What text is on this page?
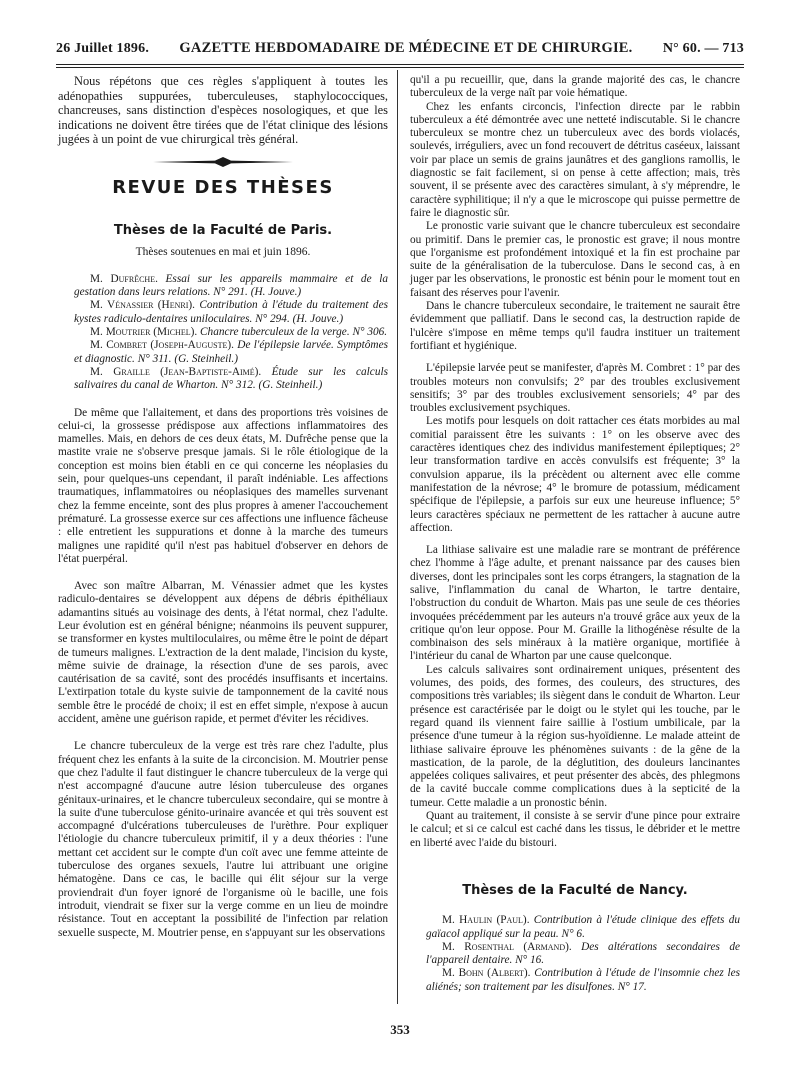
26 Juillet 1896. GAZETTE HEBDOMADAIRE DE MÉDECINE ET DE CHIRURGIE. N° 60. — 713

Nous répétons que ces règles s'appliquent à toutes les adénopathies suppurées, tuberculeuses, staphylococciques, chancreuses, sans distinction d'espèces nosologiques, et que les indications ne doivent être tirées que de l'état clinique des lésions jugées à un point de vue chirurgical très général.

REVUE DES THÈSES
Thèses de la Faculté de Paris.
Thèses soutenues en mai et juin 1896.

M. Dufrêche. Essai sur les appareils mammaire et de la gestation dans leurs relations. N° 291. (H. Jouve.)

M. Vénassier (Henri). Contribution à l'étude du traitement des kystes radiculo-dentaires uniloculaires. N° 294. (H. Jouve.)

M. Moutrier (Michel). Chancre tuberculeux de la verge. N° 306.

M. Combret (Joseph-Auguste). De l'épilepsie larvée. Symptômes et diagnostic. N° 311. (G. Steinheil.)

M. Graille (Jean-Baptiste-Aimé). Étude sur les calculs salivaires du canal de Wharton. N° 312. (G. Steinheil.)

De même que l'allaitement, et dans des proportions très voisines de celui-ci, la grossesse prédispose aux affections inflammatoires des mamelles. Mais, en dehors de ces deux états, M. Dufrêche pense que la mastite vraie ne s'observe presque jamais. Si le rôle étiologique de la conception est moins bien établi en ce qui concerne les néoplasies du sein, pour quelques-uns cependant, il paraît indéniable. Les affections traumatiques, inflammatoires ou néoplasiques des mamelles survenant chez la femme enceinte, sont des plus propres à amener l'accouchement prématuré. La grossesse exerce sur ces affections une influence fâcheuse : elle entretient les suppurations et donne à la marche des tumeurs malignes une rapidité qu'il n'est pas habituel d'observer en dehors de l'état puerpéral.

Avec son maître Albarran, M. Vénassier admet que les kystes radiculo-dentaires se développent aux dépens de débris épithéliaux adamantins situés au voisinage des dents, à l'état normal, chez l'adulte. Leur évolution est en général bénigne; néanmoins ils peuvent suppurer, se transformer en kystes multiloculaires, ou même être le point de départ de tumeurs malignes. L'extraction de la dent malade, l'incision du kyste, même suivie de drainage, la résection d'une de ses parois, avec cautérisation de sa cavité, sont des procédés insuffisants et incertains. L'extirpation totale du kyste suivie de tamponnement de la cavité nous semble être le procédé de choix; il est en effet simple, n'expose à aucun accident, amène une guérison rapide, et permet d'éviter les récidives.

Le chancre tuberculeux de la verge est très rare chez l'adulte, plus fréquent chez les enfants à la suite de la circoncision. M. Moutrier pense que chez l'adulte il faut distinguer le chancre tuberculeux de la verge qui n'est accompagné d'aucune autre lésion tuberculeuse des organes génitaux-urinaires, et le chancre tuberculeux secondaire, qui se montre à la suite d'une tuberculose génito-urinaire avancée et qui très souvent est accompagné d'ulcérations tuberculeuses de l'urèthre. Pour expliquer l'étiologie du chancre tuberculeux primitif, il y a deux théories : l'une mettant cet accident sur le compte d'un coït avec une femme atteinte de tuberculose des organes sexuels, l'autre lui attribuant une origine hématogène. Dans ce cas, le bacille qui élit séjour sur la verge proviendrait d'un foyer ignoré de l'organisme où le bacille, une fois introduit, viendrait se fixer sur la verge comme en un lieu de moindre résistance. Tout en acceptant la possibilité de l'infection par relation sexuelle suspecte, M. Moutrier pense, en s'appuyant sur les observations

qu'il a pu recueillir, que, dans la grande majorité des cas, le chancre tuberculeux de la verge naît par voie hématique.

Chez les enfants circoncis, l'infection directe par le rabbin tuberculeux a été démontrée avec une netteté indiscutable. Si le chancre tuberculeux se montre chez un tuberculeux avec des bords violacés, soulevés, irréguliers, avec un fond recouvert de détritus caséeux, laissant voir par place un semis de grains jaunâtres et des ganglions ramollis, le diagnostic se fait facilement, si on pense à cette affection; mais, très souvent, il se présente avec des caractères simulant, à s'y méprendre, le caractère syphilitique; il n'y a que le microscope qui puisse permettre de faire le diagnostic sûr.

Le pronostic varie suivant que le chancre tuberculeux est secondaire ou primitif. Dans le premier cas, le pronostic est grave; il nous montre que l'organisme est profondément intoxiqué et la fin est prochaine par suite de la généralisation de la tuberculose. Dans le second cas, à en juger par les observations, le pronostic est bénin pour le moment tout en faisant des réserves pour l'avenir.

Dans le chancre tuberculeux secondaire, le traitement ne saurait être évidemment que palliatif. Dans le second cas, la destruction rapide de l'ulcère s'impose en même temps qu'il faudra instituer un traitement fortifiant et hygiénique.

L'épilepsie larvée peut se manifester, d'après M. Combret : 1° par des troubles moteurs non convulsifs; 2° par des troubles exclusivement sensitifs; 3° par des troubles exclusivement sensoriels; 4° par des troubles exclusivement psychiques.

Les motifs pour lesquels on doit rattacher ces états morbides au mal comitial paraissent être les suivants : 1° on les observe avec des caractères identiques chez des individus manifestement épileptiques; 2° leur transformation tardive en accès convulsifs est fréquente; 3° la convulsion apparue, ils la précèdent ou alternent avec elle comme manifestation de la névrose; 4° le bromure de potassium, médicament spécifique de l'épilepsie, a parfois sur eux une heureuse influence; 5° leurs caractères spéciaux ne permettent de les rattacher à aucune autre affection.

La lithiase salivaire est une maladie rare se montrant de préférence chez l'homme à l'âge adulte, et prenant naissance par des causes bien diverses, dont les principales sont les corps étrangers, la stagnation de la salive, l'inflammation du canal de Wharton, le tartre dentaire, l'obstruction du conduit de Wharton. Mais pas une seule de ces théories invoquées précédemment par les auteurs n'a trouvé grâce aux yeux de la critique qu'on leur oppose. Pour M. Graille la lithogénèse résulte de la combinaison des sels minéraux à la matière organique, mortifiée à l'intérieur du canal de Wharton par une cause quelconque.

Les calculs salivaires sont ordinairement uniques, présentent des volumes, des poids, des formes, des couleurs, des structures, des compositions très variables; ils siègent dans le conduit de Wharton. Leur présence est caractérisée par le doigt ou le stylet qui les touche, par le regard quand ils viennent faire saillie à l'ostium umbilicale, par la présence d'une tumeur à la région sus-hyoïdienne. Le malade atteint de lithiase salivaire éprouve les phénomènes suivants : de la gêne de la mastication, de la parole, de la déglutition, des douleurs lancinantes appelées coliques salivaires, et peut présenter des abcès, des phlegmons de la cavité buccale comme complications dues à la septicité de la tumeur. Cette maladie a un pronostic bénin.

Quant au traitement, il consiste à se servir d'une pince pour extraire le calcul; et si ce calcul est caché dans les tissus, le débrider et le mettre en liberté avec l'aide du bistouri.

Thèses de la Faculté de Nancy.

M. Haulin (Paul). Contribution à l'étude clinique des effets du gaïacol appliqué sur la peau. N° 6.

M. Rosenthal (Armand). Des altérations secondaires de l'appareil dentaire. N° 16.

M. Bohn (Albert). Contribution à l'étude de l'insomnie chez les aliénés; son traitement par les disulfones. N° 17.

353
